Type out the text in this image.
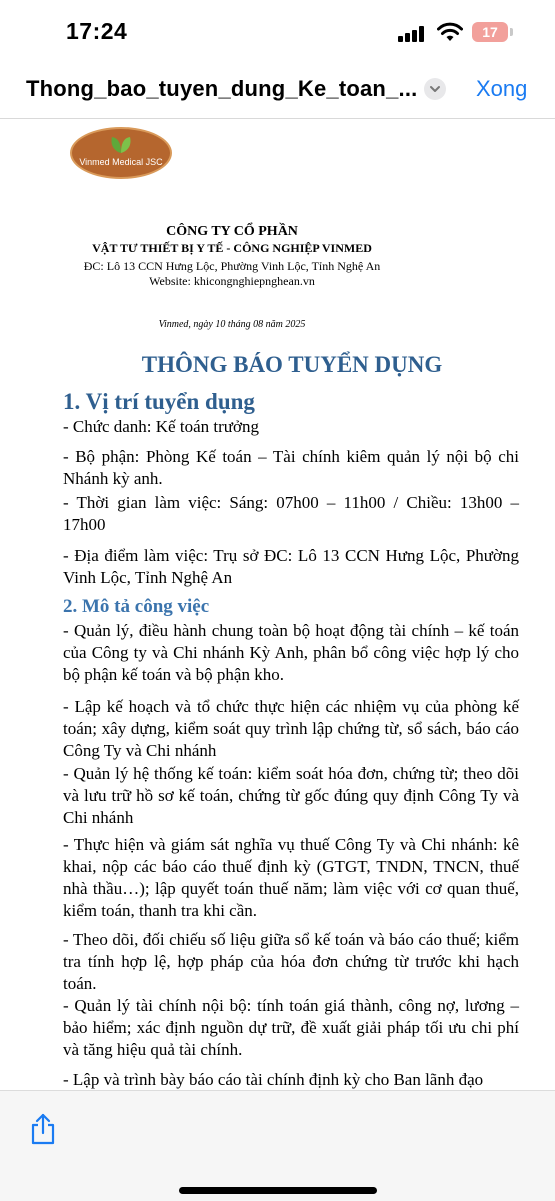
17:24	17
Thong_bao_tuyen_dung_Ke_toan_...	Xong
Vinmed Medical JSC
CÔNG TY CỔ PHẦN
VẬT TƯ THIẾT BỊ Y TẾ - CÔNG NGHIỆP VINMED
ĐC: Lô 13 CCN Hưng Lộc, Phường Vinh Lộc, Tỉnh Nghệ An
Website: khicongnghiepnghean.vn
Vinmed, ngày 10 tháng 08 năm 2025
THÔNG BÁO TUYỂN DỤNG
1. Vị trí tuyển dụng

- Chức danh: Kế toán trưởng

- Bộ phận: Phòng Kế toán – Tài chính kiêm quản lý nội bộ chi Nhánh kỳ anh.

- Thời gian làm việc: Sáng: 07h00 – 11h00 / Chiều: 13h00 – 17h00

- Địa điểm làm việc: Trụ sở ĐC: Lô 13 CCN Hưng Lộc, Phường Vinh Lộc, Tỉnh Nghệ An

2. Mô tả công việc

- Quản lý, điều hành chung toàn bộ hoạt động tài chính – kế toán của Công ty và Chi nhánh Kỳ Anh, phân bổ công việc hợp lý cho bộ phận kế toán và bộ phận kho.

- Lập kế hoạch và tổ chức thực hiện các nhiệm vụ của phòng kế toán; xây dựng, kiểm soát quy trình lập chứng từ, sổ sách, báo cáo Công Ty và Chi nhánh

- Quản lý hệ thống kế toán: kiểm soát hóa đơn, chứng từ; theo dõi và lưu trữ hồ sơ kế toán, chứng từ gốc đúng quy định Công Ty và Chi nhánh

- Thực hiện và giám sát nghĩa vụ thuế Công Ty và Chi nhánh: kê khai, nộp các báo cáo thuế định kỳ (GTGT, TNDN, TNCN, thuế nhà thầu…); lập quyết toán thuế năm; làm việc với cơ quan thuế, kiểm toán, thanh tra khi cần.

- Theo dõi, đối chiếu số liệu giữa sổ kế toán và báo cáo thuế; kiểm tra tính hợp lệ, hợp pháp của hóa đơn chứng từ trước khi hạch toán.

- Quản lý tài chính nội bộ: tính toán giá thành, công nợ, lương – bảo hiểm; xác định nguồn dự trữ, đề xuất giải pháp tối ưu chi phí và tăng hiệu quả tài chính.

- Lập và trình bày báo cáo tài chính định kỳ cho Ban lãnh đạo
